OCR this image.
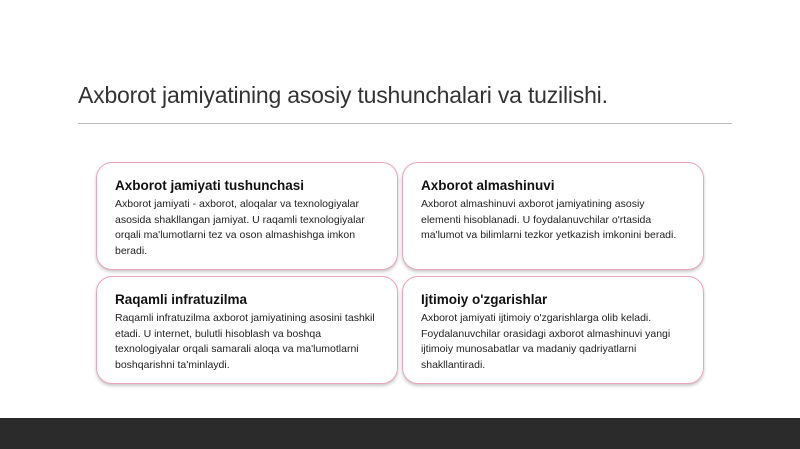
Axborot jamiyatining asosiy tushunchalari va tuzilishi.
Axborot jamiyati tushunchasi

Axborot jamiyati - axborot, aloqalar va texnologiyalar asosida shakllangan jamiyat. U raqamli texnologiyalar orqali ma'lumotlarni tez va oson almashishga imkon beradi.

Axborot almashinuvi

Axborot almashinuvi axborot jamiyatining asosiy elementi hisoblanadi. U foydalanuvchilar o'rtasida ma'lumot va bilimlarni tezkor yetkazish imkonini beradi.

Raqamli infratuzilma

Raqamli infratuzilma axborot jamiyatining asosini tashkil etadi. U internet, bulutli hisoblash va boshqa texnologiyalar orqali samarali aloqa va ma'lumotlarni boshqarishni ta'minlaydi.

Ijtimoiy o'zgarishlar

Axborot jamiyati ijtimoiy o'zgarishlarga olib keladi. Foydalanuvchilar orasidagi axborot almashinuvi yangi ijtimoiy munosabatlar va madaniy qadriyatlarni shakllantiradi.
